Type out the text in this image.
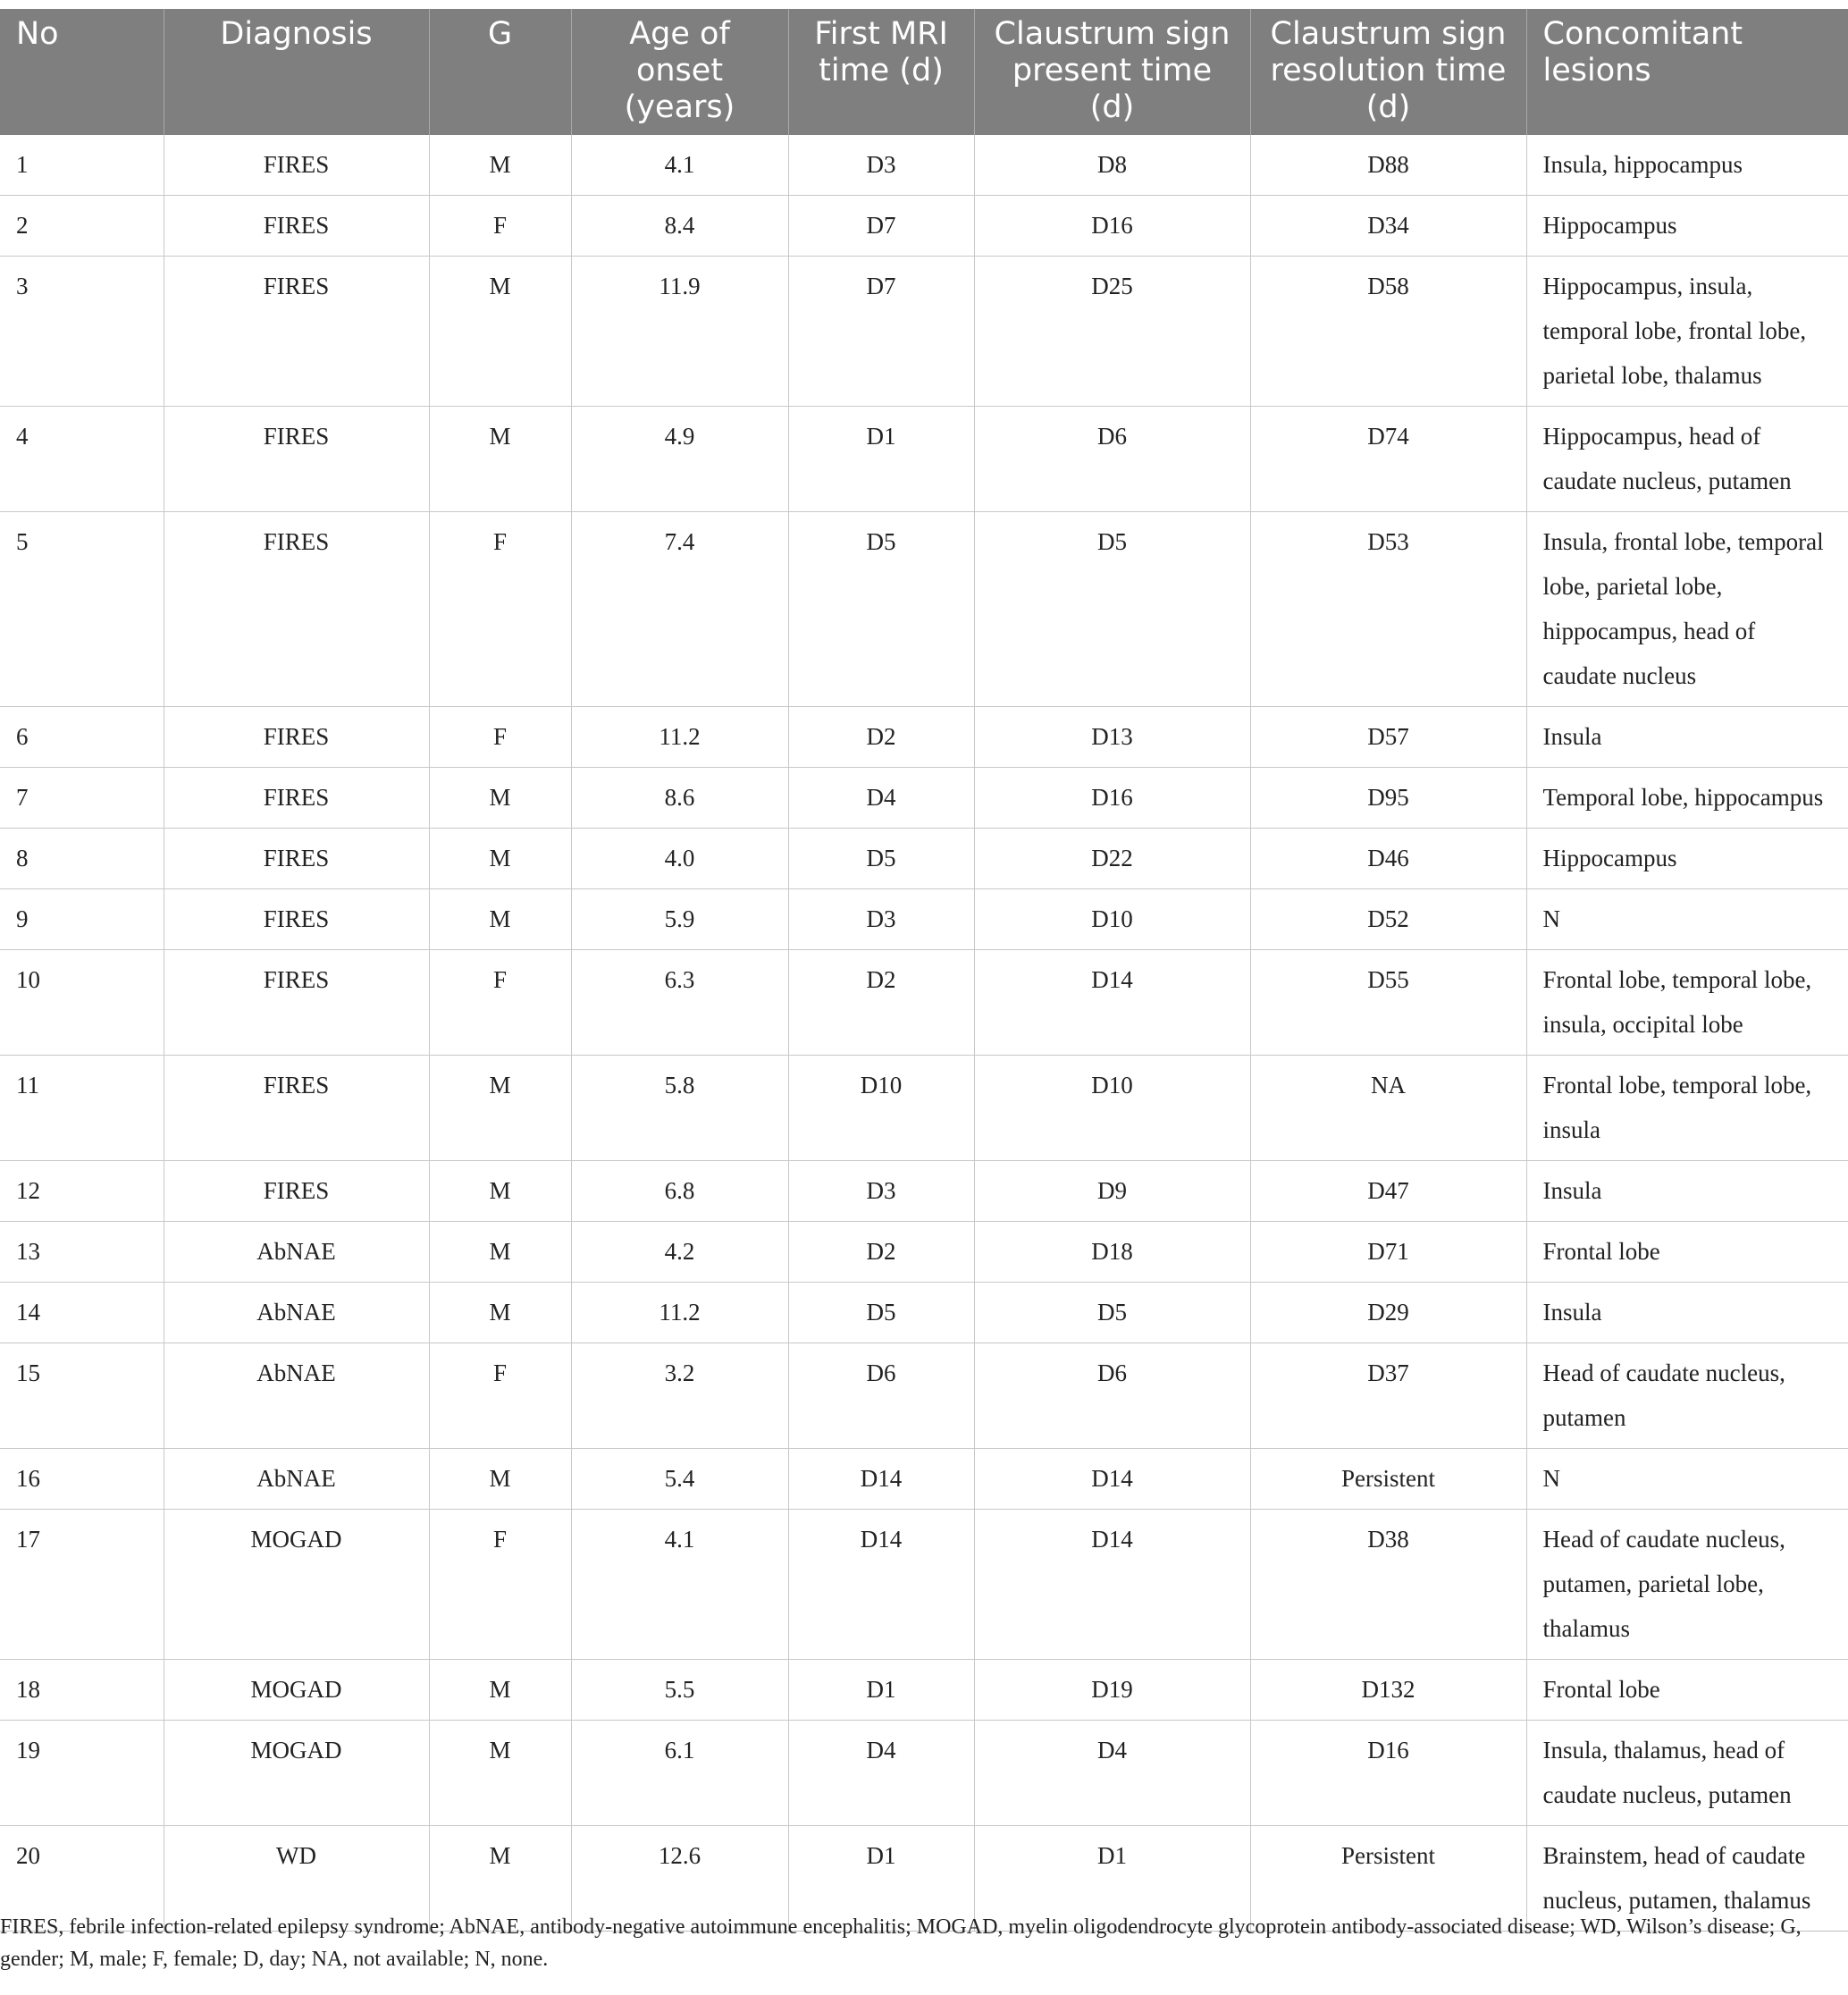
No	Diagnosis	G	Age of onset (years)	First MRI time (d)	Claustrum sign present time (d)	Claustrum sign resolution time (d)	Concomitant lesions
1	FIRES	M	4.1	D3	D8	D88	Insula, hippocampus
2	FIRES	F	8.4	D7	D16	D34	Hippocampus
3	FIRES	M	11.9	D7	D25	D58	Hippocampus, insula, temporal lobe, frontal lobe, parietal lobe, thalamus
4	FIRES	M	4.9	D1	D6	D74	Hippocampus, head of caudate nucleus, putamen
5	FIRES	F	7.4	D5	D5	D53	Insula, frontal lobe, temporal lobe, parietal lobe, hippocampus, head of caudate nucleus
6	FIRES	F	11.2	D2	D13	D57	Insula
7	FIRES	M	8.6	D4	D16	D95	Temporal lobe, hippocampus
8	FIRES	M	4.0	D5	D22	D46	Hippocampus
9	FIRES	M	5.9	D3	D10	D52	N
10	FIRES	F	6.3	D2	D14	D55	Frontal lobe, temporal lobe, insula, occipital lobe
11	FIRES	M	5.8	D10	D10	NA	Frontal lobe, temporal lobe, insula
12	FIRES	M	6.8	D3	D9	D47	Insula
13	AbNAE	M	4.2	D2	D18	D71	Frontal lobe
14	AbNAE	M	11.2	D5	D5	D29	Insula
15	AbNAE	F	3.2	D6	D6	D37	Head of caudate nucleus, putamen
16	AbNAE	M	5.4	D14	D14	Persistent	N
17	MOGAD	F	4.1	D14	D14	D38	Head of caudate nucleus, putamen, parietal lobe, thalamus
18	MOGAD	M	5.5	D1	D19	D132	Frontal lobe
19	MOGAD	M	6.1	D4	D4	D16	Insula, thalamus, head of caudate nucleus, putamen
20	WD	M	12.6	D1	D1	Persistent	Brainstem, head of caudate nucleus, putamen, thalamus
FIRES, febrile infection-related epilepsy syndrome; AbNAE, antibody-negative autoimmune encephalitis; MOGAD, myelin oligodendrocyte glycoprotein antibody-associated disease; WD, Wilson’s disease; G, gender; M, male; F, female; D, day; NA, not available; N, none.
